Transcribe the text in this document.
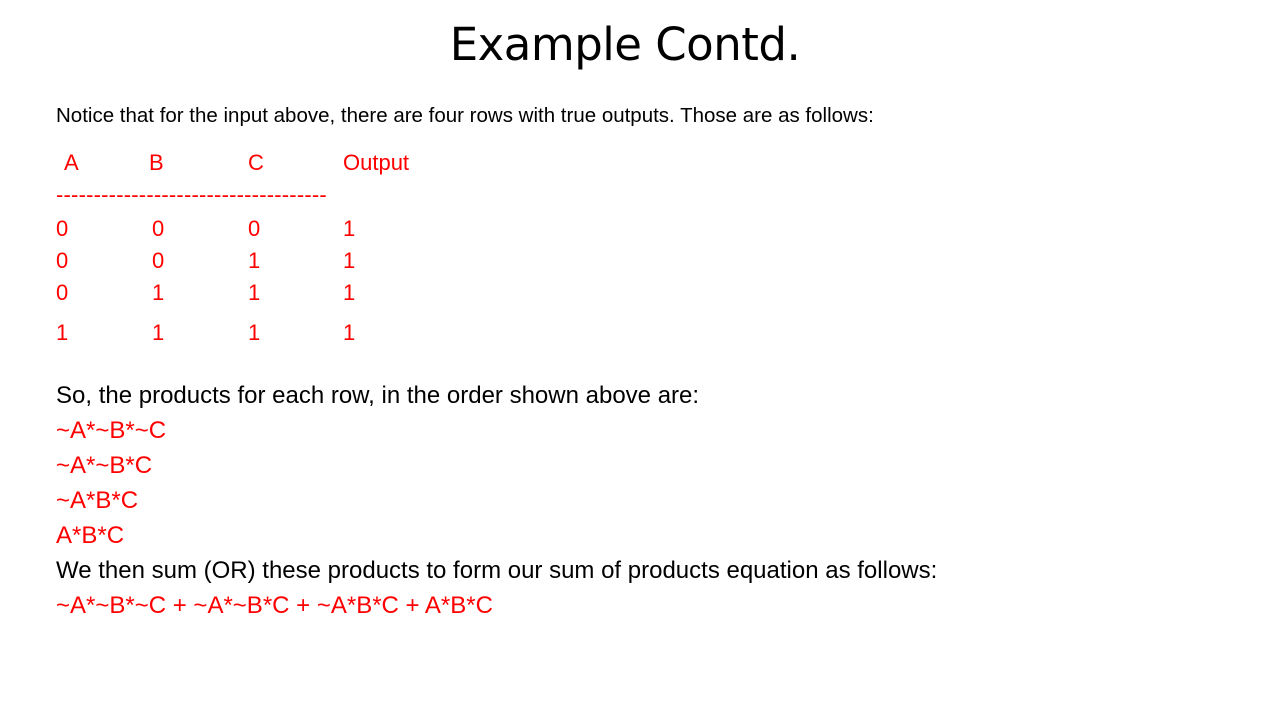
Example Contd.
Notice that for the input above, there are four rows with true outputs. Those are as follows:
A	B	C	Output
------------------------------------
0	0	0	1
0	0	1	1
0	1	1	1
1	1	1	1
So, the products for each row, in the order shown above are:
~A*~B*~C
~A*~B*C
~A*B*C
A*B*C
We then sum (OR) these products to form our sum of products equation as follows:
~A*~B*~C + ~A*~B*C + ~A*B*C + A*B*C
